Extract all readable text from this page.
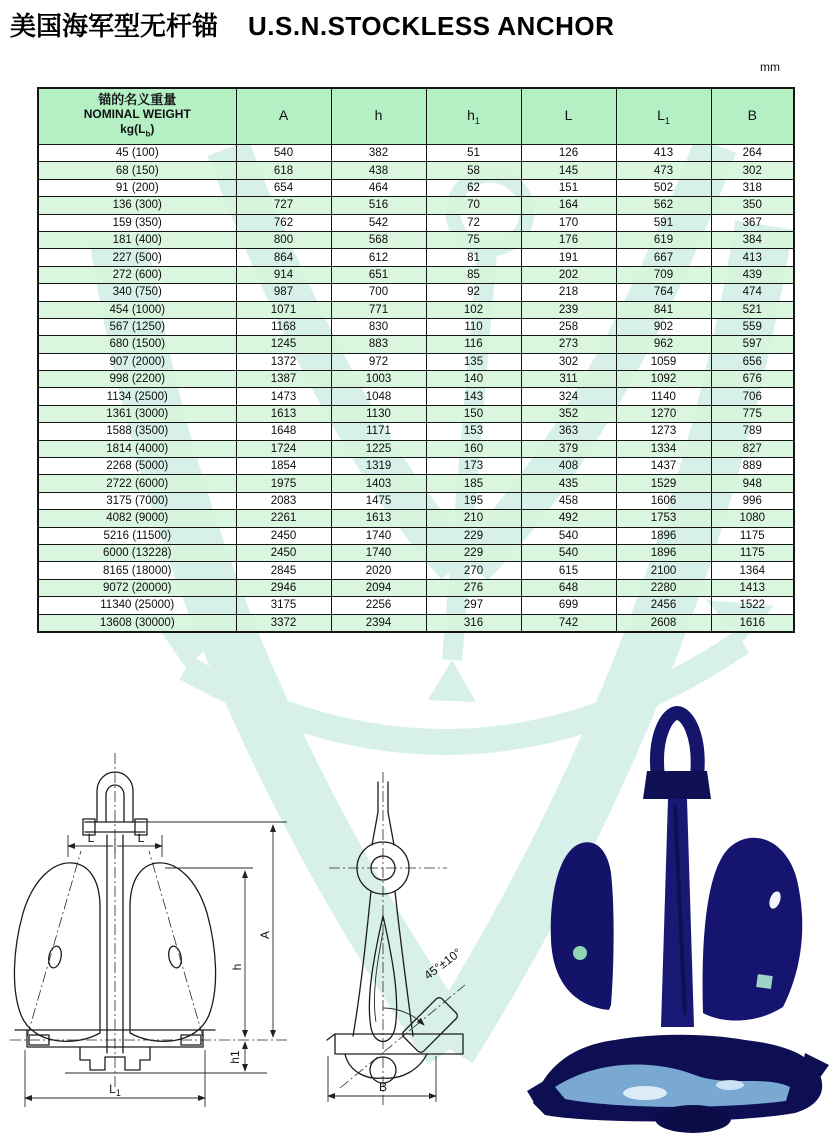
美国海军型无杆锚 U.S.N.STOCKLESS ANCHOR
mm
锚的名义重量
NOMINAL WEIGHT
$kg(L_b)$	A	h	$h_1$	L	$L_1$	B
45 (100)	540	382	51	126	413	264
68 (150)	618	438	58	145	473	302
91 (200)	654	464	62	151	502	318
136 (300)	727	516	70	164	562	350
159 (350)	762	542	72	170	591	367
181 (400)	800	568	75	176	619	384
227 (500)	864	612	81	191	667	413
272 (600)	914	651	85	202	709	439
340 (750)	987	700	92	218	764	474
454 (1000)	1071	771	102	239	841	521
567 (1250)	1168	830	110	258	902	559
680 (1500)	1245	883	116	273	962	597
907 (2000)	1372	972	135	302	1059	656
998 (2200)	1387	1003	140	311	1092	676
1134 (2500)	1473	1048	143	324	1140	706
1361 (3000)	1613	1130	150	352	1270	775
1588 (3500)	1648	1171	153	363	1273	789
1814 (4000)	1724	1225	160	379	1334	827
2268 (5000)	1854	1319	173	408	1437	889
2722 (6000)	1975	1403	185	435	1529	948
3175 (7000)	2083	1475	195	458	1606	996
4082 (9000)	2261	1613	210	492	1753	1080
5216 (11500)	2450	1740	229	540	1896	1175
6000 (13228)	2450	1740	229	540	1896	1175
8165 (18000)	2845	2020	270	615	2100	1364
9072 (20000)	2946	2094	276	648	2280	1413
11340 (25000)	3175	2256	297	699	2456	1522
13608 (30000)	3372	2394	316	742	2608	1616
L	L
A
h
h1
$L_1$
45°±10°
B
